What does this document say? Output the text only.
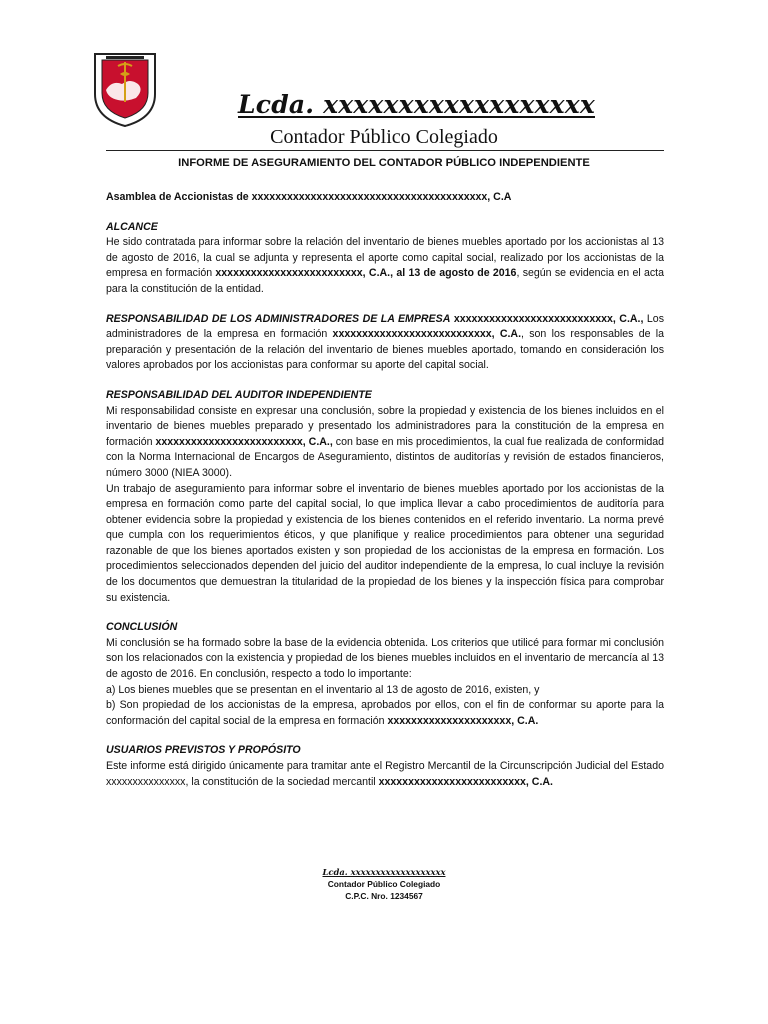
Lcda. xxxxxxxxxxxxxxxxxx
Contador Público Colegiado
INFORME DE ASEGURAMIENTO DEL CONTADOR PÚBLICO INDEPENDIENTE

Asamblea de Accionistas de xxxxxxxxxxxxxxxxxxxxxxxxxxxxxxxxxxxxxxxx, C.A

ALCANCE

He sido contratada para informar sobre la relación del inventario de bienes muebles aportado por los accionistas al 13 de agosto de 2016, la cual se adjunta y representa el aporte como capital social, realizado por los accionistas de la empresa en formación xxxxxxxxxxxxxxxxxxxxxxxxx, C.A., al 13 de agosto de 2016, según se evidencia en el acta para la constitución de la entidad.

RESPONSABILIDAD DE LOS ADMINISTRADORES DE LA EMPRESA xxxxxxxxxxxxxxxxxxxxxxxxxxx, C.A., Los administradores de la empresa en formación xxxxxxxxxxxxxxxxxxxxxxxxxxx, C.A., son los responsables de la preparación y presentación de la relación del inventario de bienes muebles aportado, tomando en consideración los valores aprobados por los accionistas para conformar su aporte del capital social.

RESPONSABILIDAD DEL AUDITOR INDEPENDIENTE

Mi responsabilidad consiste en expresar una conclusión, sobre la propiedad y existencia de los bienes incluidos en el inventario de bienes muebles preparado y presentado los administradores para la constitución de la empresa en formación xxxxxxxxxxxxxxxxxxxxxxxxx, C.A., con base en mis procedimientos, la cual fue realizada de conformidad con la Norma Internacional de Encargos de Aseguramiento, distintos de auditorías y revisión de estados financieros, número 3000 (NIEA 3000).

Un trabajo de aseguramiento para informar sobre el inventario de bienes muebles aportado por los accionistas de la empresa en formación como parte del capital social, lo que implica llevar a cabo procedimientos de auditoría para obtener evidencia sobre la propiedad y existencia de los bienes contenidos en el referido inventario. La norma prevé que cumpla con los requerimientos éticos, y que planifique y realice procedimientos para obtener una seguridad razonable de que los bienes aportados existen y son propiedad de los accionistas de la empresa en formación. Los procedimientos seleccionados dependen del juicio del auditor independiente de la empresa, lo cual incluye la revisión de los documentos que demuestran la titularidad de la propiedad de los bienes y la inspección física para comprobar su existencia.

CONCLUSIÓN

Mi conclusión se ha formado sobre la base de la evidencia obtenida. Los criterios que utilicé para formar mi conclusión son los relacionados con la existencia y propiedad de los bienes muebles incluidos en el inventario de mercancía al 13 de agosto de 2016. En conclusión, respecto a todo lo importante:

a) Los bienes muebles que se presentan en el inventario al 13 de agosto de 2016, existen, y

b) Son propiedad de los accionistas de la empresa, aprobados por ellos, con el fin de conformar su aporte para la conformación del capital social de la empresa en formación xxxxxxxxxxxxxxxxxxxxx, C.A.

USUARIOS PREVISTOS Y PROPÓSITO

Este informe está dirigido únicamente para tramitar ante el Registro Mercantil de la Circunscripción Judicial del Estado xxxxxxxxxxxxxxx, la constitución de la sociedad mercantil xxxxxxxxxxxxxxxxxxxxxxxxx, C.A.

Lcda. xxxxxxxxxxxxxxxxxxx
Contador Público Colegiado
C.P.C. Nro. 1234567
